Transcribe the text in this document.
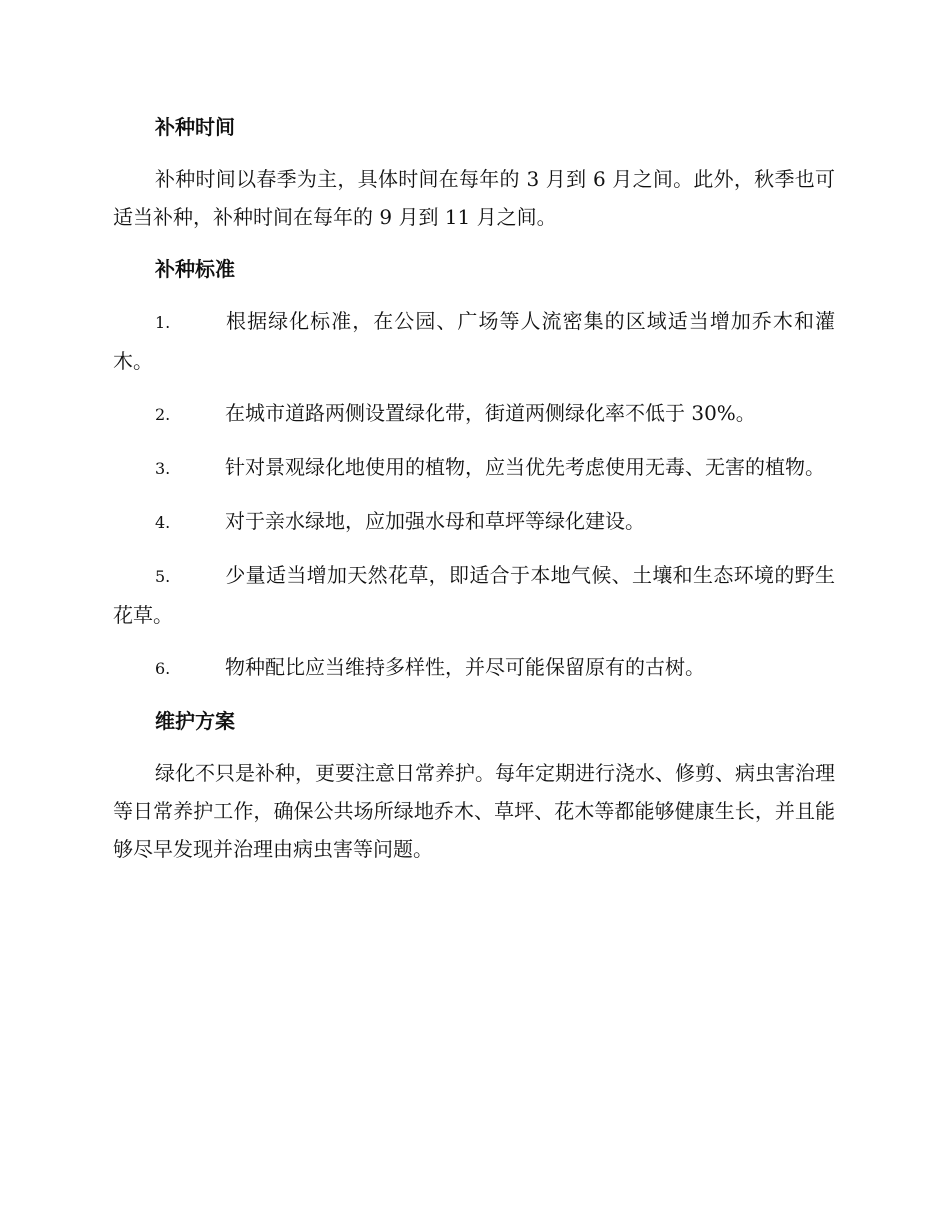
补种时间

补种时间以春季为主，具体时间在每年的 3 月到 6 月之间。此外，秋季也可适当补种，补种时间在每年的 9 月到 11 月之间。

补种标准

1.	根据绿化标准，在公园、广场等人流密集的区域适当增加乔木和灌木。

2.	在城市道路两侧设置绿化带，街道两侧绿化率不低于 30%。

3.	针对景观绿化地使用的植物，应当优先考虑使用无毒、无害的植物。

4.	对于亲水绿地，应加强水母和草坪等绿化建设。

5.	少量适当增加天然花草，即适合于本地气候、土壤和生态环境的野生花草。

6.	物种配比应当维持多样性，并尽可能保留原有的古树。

维护方案

绿化不只是补种，更要注意日常养护。每年定期进行浇水、修剪、病虫害治理等日常养护工作，确保公共场所绿地乔木、草坪、花木等都能够健康生长，并且能够尽早发现并治理由病虫害等问题。
